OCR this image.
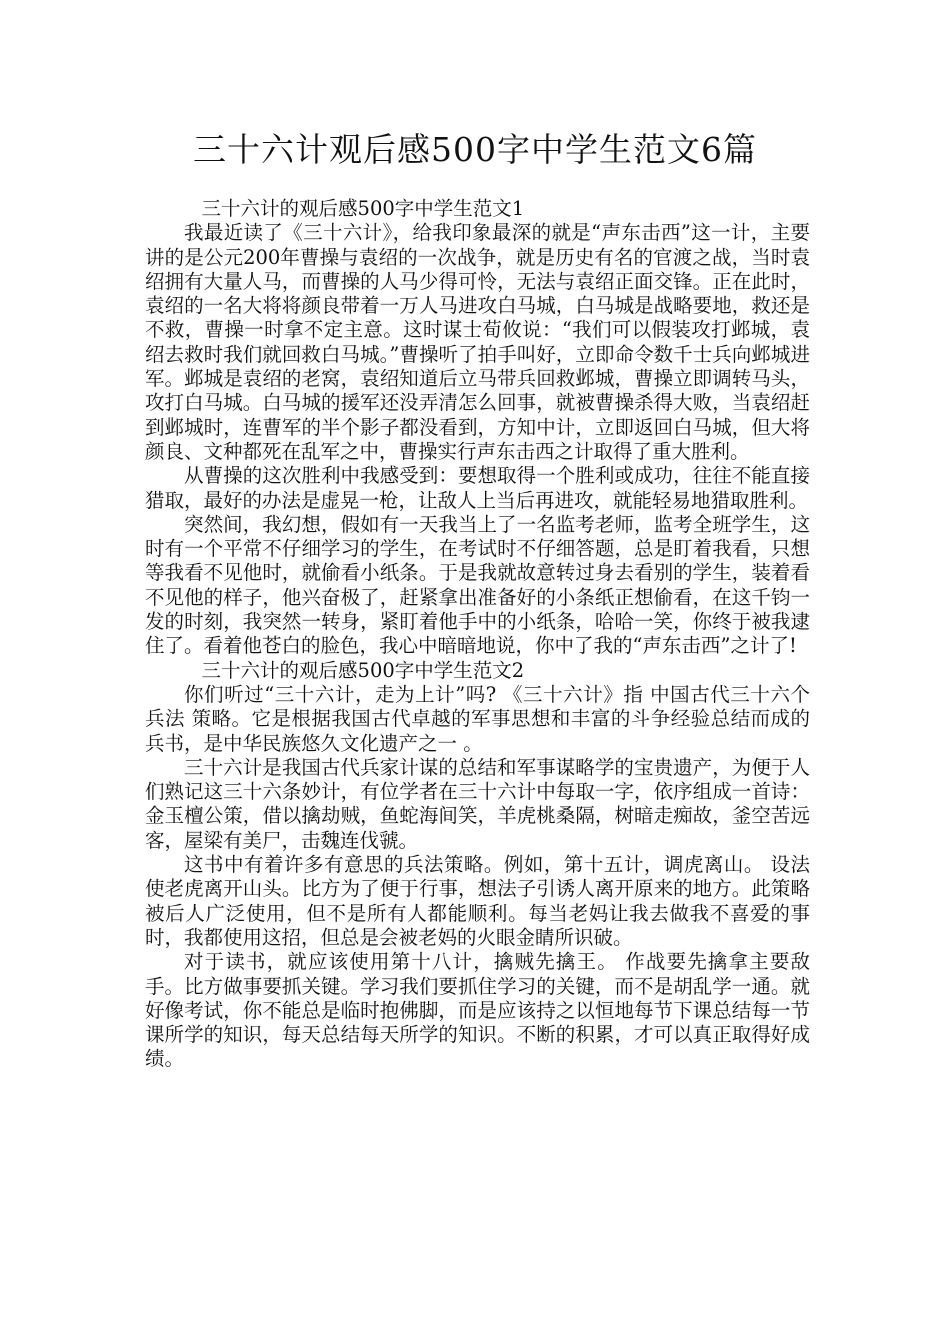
三十六计观后感500字中学生范文6篇

三十六计的观后感500字中学生范文1

我最近读了《三十六计》，给我印象最深的就是“声东击西”这一计，主要讲的是公元200年曹操与袁绍的一次战争，就是历史有名的官渡之战，当时袁绍拥有大量人马，而曹操的人马少得可怜，无法与袁绍正面交锋。正在此时，袁绍的一名大将将颜良带着一万人马进攻白马城，白马城是战略要地，救还是不救，曹操一时拿不定主意。这时谋士荀攸说：“我们可以假装攻打邺城，袁绍去救时我们就回救白马城。”曹操听了拍手叫好，立即命令数千士兵向邺城进军。邺城是袁绍的老窝，袁绍知道后立马带兵回救邺城，曹操立即调转马头，攻打白马城。白马城的援军还没弄清怎么回事，就被曹操杀得大败，当袁绍赶到邺城时，连曹军的半个影子都没看到，方知中计，立即返回白马城，但大将颜良、文种都死在乱军之中，曹操实行声东击西之计取得了重大胜利。

从曹操的这次胜利中我感受到：要想取得一个胜利或成功，往往不能直接猎取，最好的办法是虚晃一枪，让敌人上当后再进攻，就能轻易地猎取胜利。

突然间，我幻想，假如有一天我当上了一名监考老师，监考全班学生，这时有一个平常不仔细学习的学生，在考试时不仔细答题，总是盯着我看，只想等我看不见他时，就偷看小纸条。于是我就故意转过身去看别的学生，装着看不见他的样子，他兴奋极了，赶紧拿出准备好的小条纸正想偷看，在这千钧一发的时刻，我突然一转身，紧盯着他手中的小纸条，哈哈一笑，你终于被我逮住了。看着他苍白的脸色，我心中暗暗地说，你中了我的“声东击西”之计了!

三十六计的观后感500字中学生范文2

你们听过“三十六计，走为上计”吗? 《三十六计》指 中国古代三十六个 兵法 策略。它是根据我国古代卓越的军事思想和丰富的斗争经验总结而成的 兵书，是中华民族悠久文化遗产之一 。

三十六计是我国古代兵家计谋的总结和军事谋略学的宝贵遗产，为便于人们熟记这三十六条妙计，有位学者在三十六计中每取一字，依序组成一首诗：金玉檀公策，借以擒劫贼，鱼蛇海间笑，羊虎桃桑隔，树暗走痴故，釜空苦远客，屋梁有美尸，击魏连伐虢。

这书中有着许多有意思的兵法策略。例如，第十五计，调虎离山。 设法使老虎离开山头。比方为了便于行事，想法子引诱人离开原来的地方。此策略被后人广泛使用，但不是所有人都能顺利。每当老妈让我去做我不喜爱的事时，我都使用这招，但总是会被老妈的火眼金睛所识破。

对于读书，就应该使用第十八计，擒贼先擒王。 作战要先擒拿主要敌手。比方做事要抓关键。学习我们要抓住学习的关键，而不是胡乱学一通。就好像考试，你不能总是临时抱佛脚，而是应该持之以恒地每节下课总结每一节课所学的知识，每天总结每天所学的知识。不断的积累，才可以真正取得好成绩。
